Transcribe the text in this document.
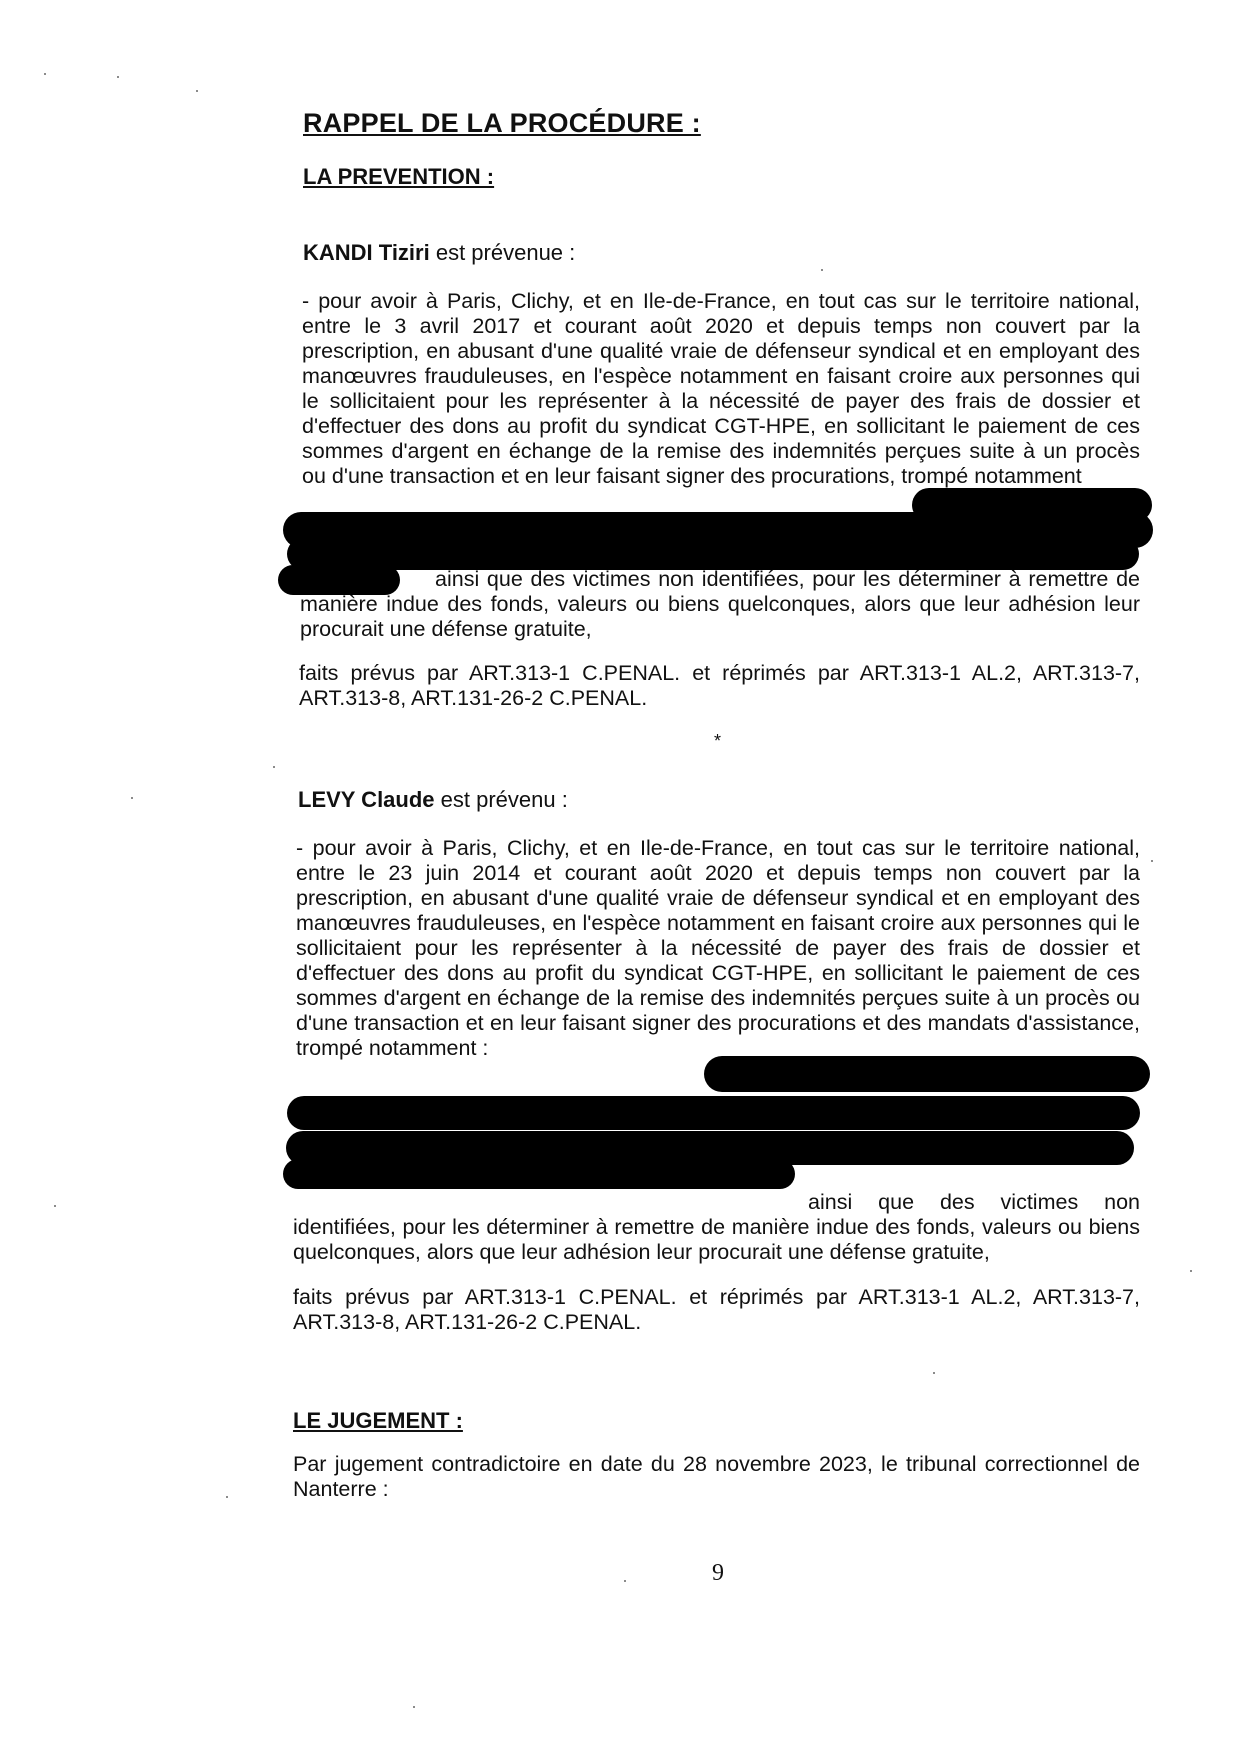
RAPPEL DE LA PROCÉDURE :
LA PREVENTION :
KANDI Tiziri est prévenue :

- pour avoir à Paris, Clichy, et en Ile-de-France, en tout cas sur le territoire national, entre le 3 avril 2017 et courant août 2020 et depuis temps non couvert par la prescription, en abusant d'une qualité vraie de défenseur syndical et en employant des manœuvres frauduleuses, en l'espèce notamment en faisant croire aux personnes qui le sollicitaient pour les représenter à la nécessité de payer des frais de dossier et d'effectuer des dons au profit du syndicat CGT-HPE, en sollicitant le paiement de ces sommes d'argent en échange de la remise des indemnités perçues suite à un procès ou d'une transaction et en leur faisant signer des procurations, trompé notamment

ainsi que des victimes non identifiées, pour les déterminer à remettre de manière indue des fonds, valeurs ou biens quelconques, alors que leur adhésion leur procurait une défense gratuite,

faits prévus par ART.313-1 C.PENAL. et réprimés par ART.313-1 AL.2, ART.313-7, ART.313-8, ART.131-26-2 C.PENAL.

*
LEVY Claude est prévenu :

- pour avoir à Paris, Clichy, et en Ile-de-France, en tout cas sur le territoire national, entre le 23 juin 2014 et courant août 2020 et depuis temps non couvert par la prescription, en abusant d'une qualité vraie de défenseur syndical et en employant des manœuvres frauduleuses, en l'espèce notamment en faisant croire aux personnes qui le sollicitaient pour les représenter à la nécessité de payer des frais de dossier et d'effectuer des dons au profit du syndicat CGT-HPE, en sollicitant le paiement de ces sommes d'argent en échange de la remise des indemnités perçues suite à un procès ou d'une transaction et en leur faisant signer des procurations et des mandats d'assistance, trompé notamment :

ainsi que des victimes non identifiées, pour les déterminer à remettre de manière indue des fonds, valeurs ou biens quelconques, alors que leur adhésion leur procurait une défense gratuite,

faits prévus par ART.313-1 C.PENAL. et réprimés par ART.313-1 AL.2, ART.313-7, ART.313-8, ART.131-26-2 C.PENAL.

LE JUGEMENT :

Par jugement contradictoire en date du 28 novembre 2023, le tribunal correctionnel de Nanterre :

9
